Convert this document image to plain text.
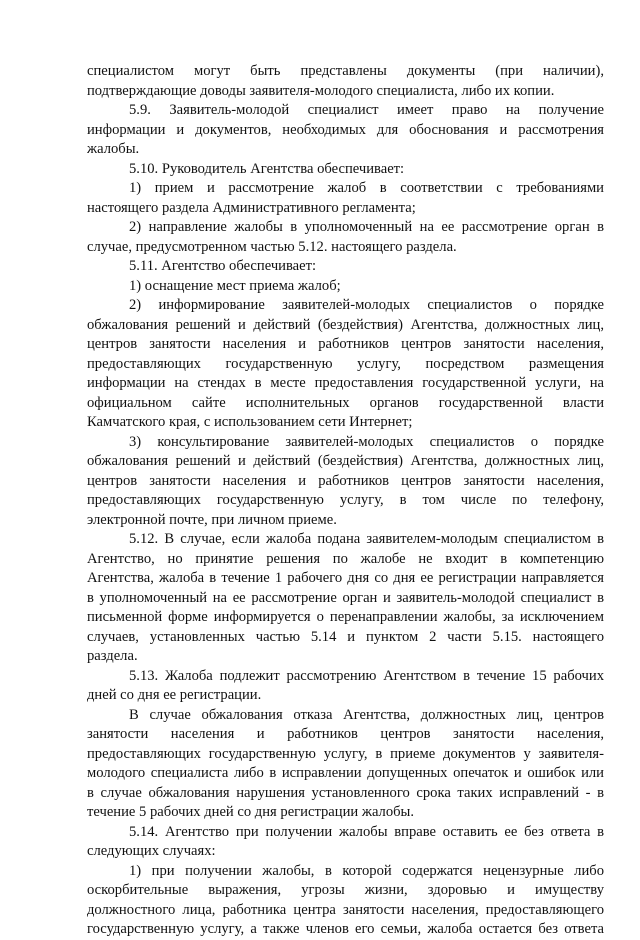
специалистом могут быть представлены документы (при наличии),
подтверждающие доводы заявителя-молодого специалиста, либо их копии.
5.9. Заявитель-молодой специалист имеет право на получение
информации и документов, необходимых для обоснования и рассмотрения
жалобы.
5.10. Руководитель Агентства обеспечивает:
1) прием и рассмотрение жалоб в соответствии с требованиями
настоящего раздела Административного регламента;
2) направление жалобы в уполномоченный на ее рассмотрение орган в
случае, предусмотренном частью 5.12. настоящего раздела.
5.11. Агентство обеспечивает:
1) оснащение мест приема жалоб;
2) информирование заявителей-молодых специалистов о порядке
обжалования решений и действий (бездействия) Агентства, должностных лиц,
центров занятости населения и работников центров занятости населения,
предоставляющих государственную услугу, посредством размещения
информации на стендах в месте предоставления государственной услуги, на
официальном сайте исполнительных органов государственной власти
Камчатского края, с использованием сети Интернет;
3) консультирование заявителей-молодых специалистов о порядке
обжалования решений и действий (бездействия) Агентства, должностных лиц,
центров занятости населения и работников центров занятости населения,
предоставляющих государственную услугу, в том числе по телефону,
электронной почте, при личном приеме.
5.12. В случае, если жалоба подана заявителем-молодым специалистом в
Агентство, но принятие решения по жалобе не входит в компетенцию
Агентства, жалоба в течение 1 рабочего дня со дня ее регистрации направляется
в уполномоченный на ее рассмотрение орган и заявитель-молодой специалист в
письменной форме информируется о перенаправлении жалобы, за исключением
случаев, установленных частью 5.14 и пунктом 2 части 5.15. настоящего
раздела.
5.13. Жалоба подлежит рассмотрению Агентством в течение 15 рабочих
дней со дня ее регистрации.
В случае обжалования отказа Агентства, должностных лиц, центров
занятости населения и работников центров занятости населения,
предоставляющих государственную услугу, в приеме документов у заявителя-
молодого специалиста либо в исправлении допущенных опечаток и ошибок или
в случае обжалования нарушения установленного срока таких исправлений - в
течение 5 рабочих дней со дня регистрации жалобы.
5.14. Агентство при получении жалобы вправе оставить ее без ответа в
следующих случаях:
1) при получении жалобы, в которой содержатся нецензурные либо
оскорбительные выражения, угрозы жизни, здоровью и имуществу
должностного лица, работника центра занятости населения, предоставляющего
государственную услугу, а также членов его семьи, жалоба остается без ответа
